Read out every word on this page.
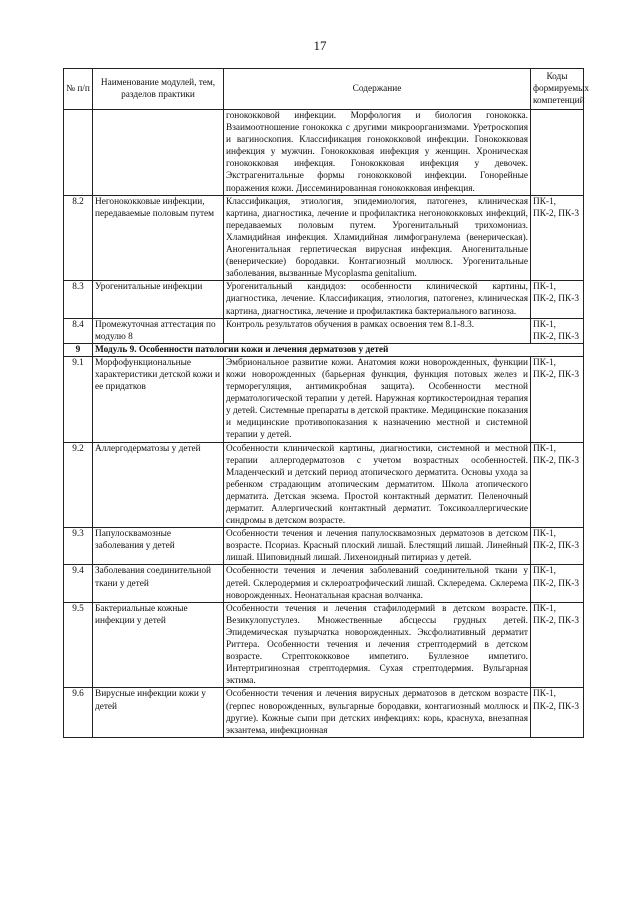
17
№ п/п	Наименование модулей, тем, разделов практики	Содержание	Коды формируемых компетенций
		гонококковой инфекции. Морфология и биология гонококка. Взаимоотношение гонококка с другими микроорганизмами. Уретроскопия и вагиноскопия. Классификация гонококковой инфекции. Гонококковая инфекция у мужчин. Гонококковая инфекция у женщин. Хроническая гонококковая инфекция. Гонококковая инфекция у девочек. Экстрагенитальные формы гонококковой инфекции. Гонорейные поражения кожи. Диссеминированная гонококковая инфекция.	
8.2	Негонококковые инфекции, передаваемые половым путем	Классификация, этиология, эпидемиология, патогенез, клиническая картина, диагностика, лечение и профилактика негонококковых инфекций, передаваемых половым путем. Урогенитальный трихомониаз. Хламидийная инфекция. Хламидийная лимфогранулема (венерическая). Аногенитальная герпетическая вирусная инфекция. Аногенитальные (венерические) бородавки. Контагиозный моллюск. Урогенитальные заболевания, вызванные Mycoplasma genitalium.	ПК-1, ПК-2, ПК-3
8.3	Урогенитальные инфекции	Урогенитальный кандидоз: особенности клинической картины, диагностика, лечение. Классификация, этиология, патогенез, клиническая картина, диагностика, лечение и профилактика бактериального вагиноза.	ПК-1, ПК-2, ПК-3
8.4	Промежуточная аттестация по модулю 8	Контроль результатов обучения в рамках освоения тем 8.1-8.3.	ПК-1, ПК-2, ПК-3
9	Модуль 9. Особенности патологии кожи и лечения дерматозов у детей		
9.1	Морфофункциональные характеристики детской кожи и ее придатков	Эмбриональное развитие кожи. Анатомия кожи новорожденных, функции кожи новорожденных (барьерная функция, функция потовых желез и терморегуляция, антимикробная защита). Особенности местной дерматологической терапии у детей. Наружная кортикостероидная терапия у детей. Системные препараты в детской практике. Медицинские показания и медицинские противопоказания к назначению местной и системной терапии у детей.	ПК-1, ПК-2, ПК-3
9.2	Аллергодерматозы у детей	Особенности клинической картины, диагностики, системной и местной терапии аллергодерматозов с учетом возрастных особенностей. Младенческий и детский период атопического дерматита. Основы ухода за ребенком страдающим атопическим дерматитом. Школа атопического дерматита. Детская экзема. Простой контактный дерматит. Пеленочный дерматит. Аллергический контактный дерматит. Токсикоаллергические синдромы в детском возрасте.	ПК-1, ПК-2, ПК-3
9.3	Папулосквамозные заболевания у детей	Особенности течения и лечения папулосквамозных дерматозов в детском возрасте. Псориаз. Красный плоский лишай. Блестящий лишай. Линейный лишай. Шиповидный лишай. Лихеноидный питириаз у детей.	ПК-1, ПК-2, ПК-3
9.4	Заболевания соединительной ткани у детей	Особенности течения и лечения заболеваний соединительной ткани у детей. Склеродермия и склероатрофический лишай. Склередема. Склерема новорожденных. Неонатальная красная волчанка.	ПК-1, ПК-2, ПК-3
9.5	Бактериальные кожные инфекции у детей	Особенности течения и лечения стафилодермий в детском возрасте. Везикулопустулез. Множественные абсцессы грудных детей. Эпидемическая пузырчатка новорожденных. Эксфолиативный дерматит Риттера. Особенности течения и лечения стрептодермий в детском возрасте. Стрептококковое импетиго. Буллезное импетиго. Интертригинозная стрептодермия. Сухая стрептодермия. Вульгарная эктима.	ПК-1, ПК-2, ПК-3
9.6	Вирусные инфекции кожи у детей	Особенности течения и лечения вирусных дерматозов в детском возрасте (герпес новорожденных, вульгарные бородавки, контагиозный моллюск и другие). Кожные сыпи при детских инфекциях: корь, краснуха, внезапная экзантема, инфекционная	ПК-1, ПК-2, ПК-3
